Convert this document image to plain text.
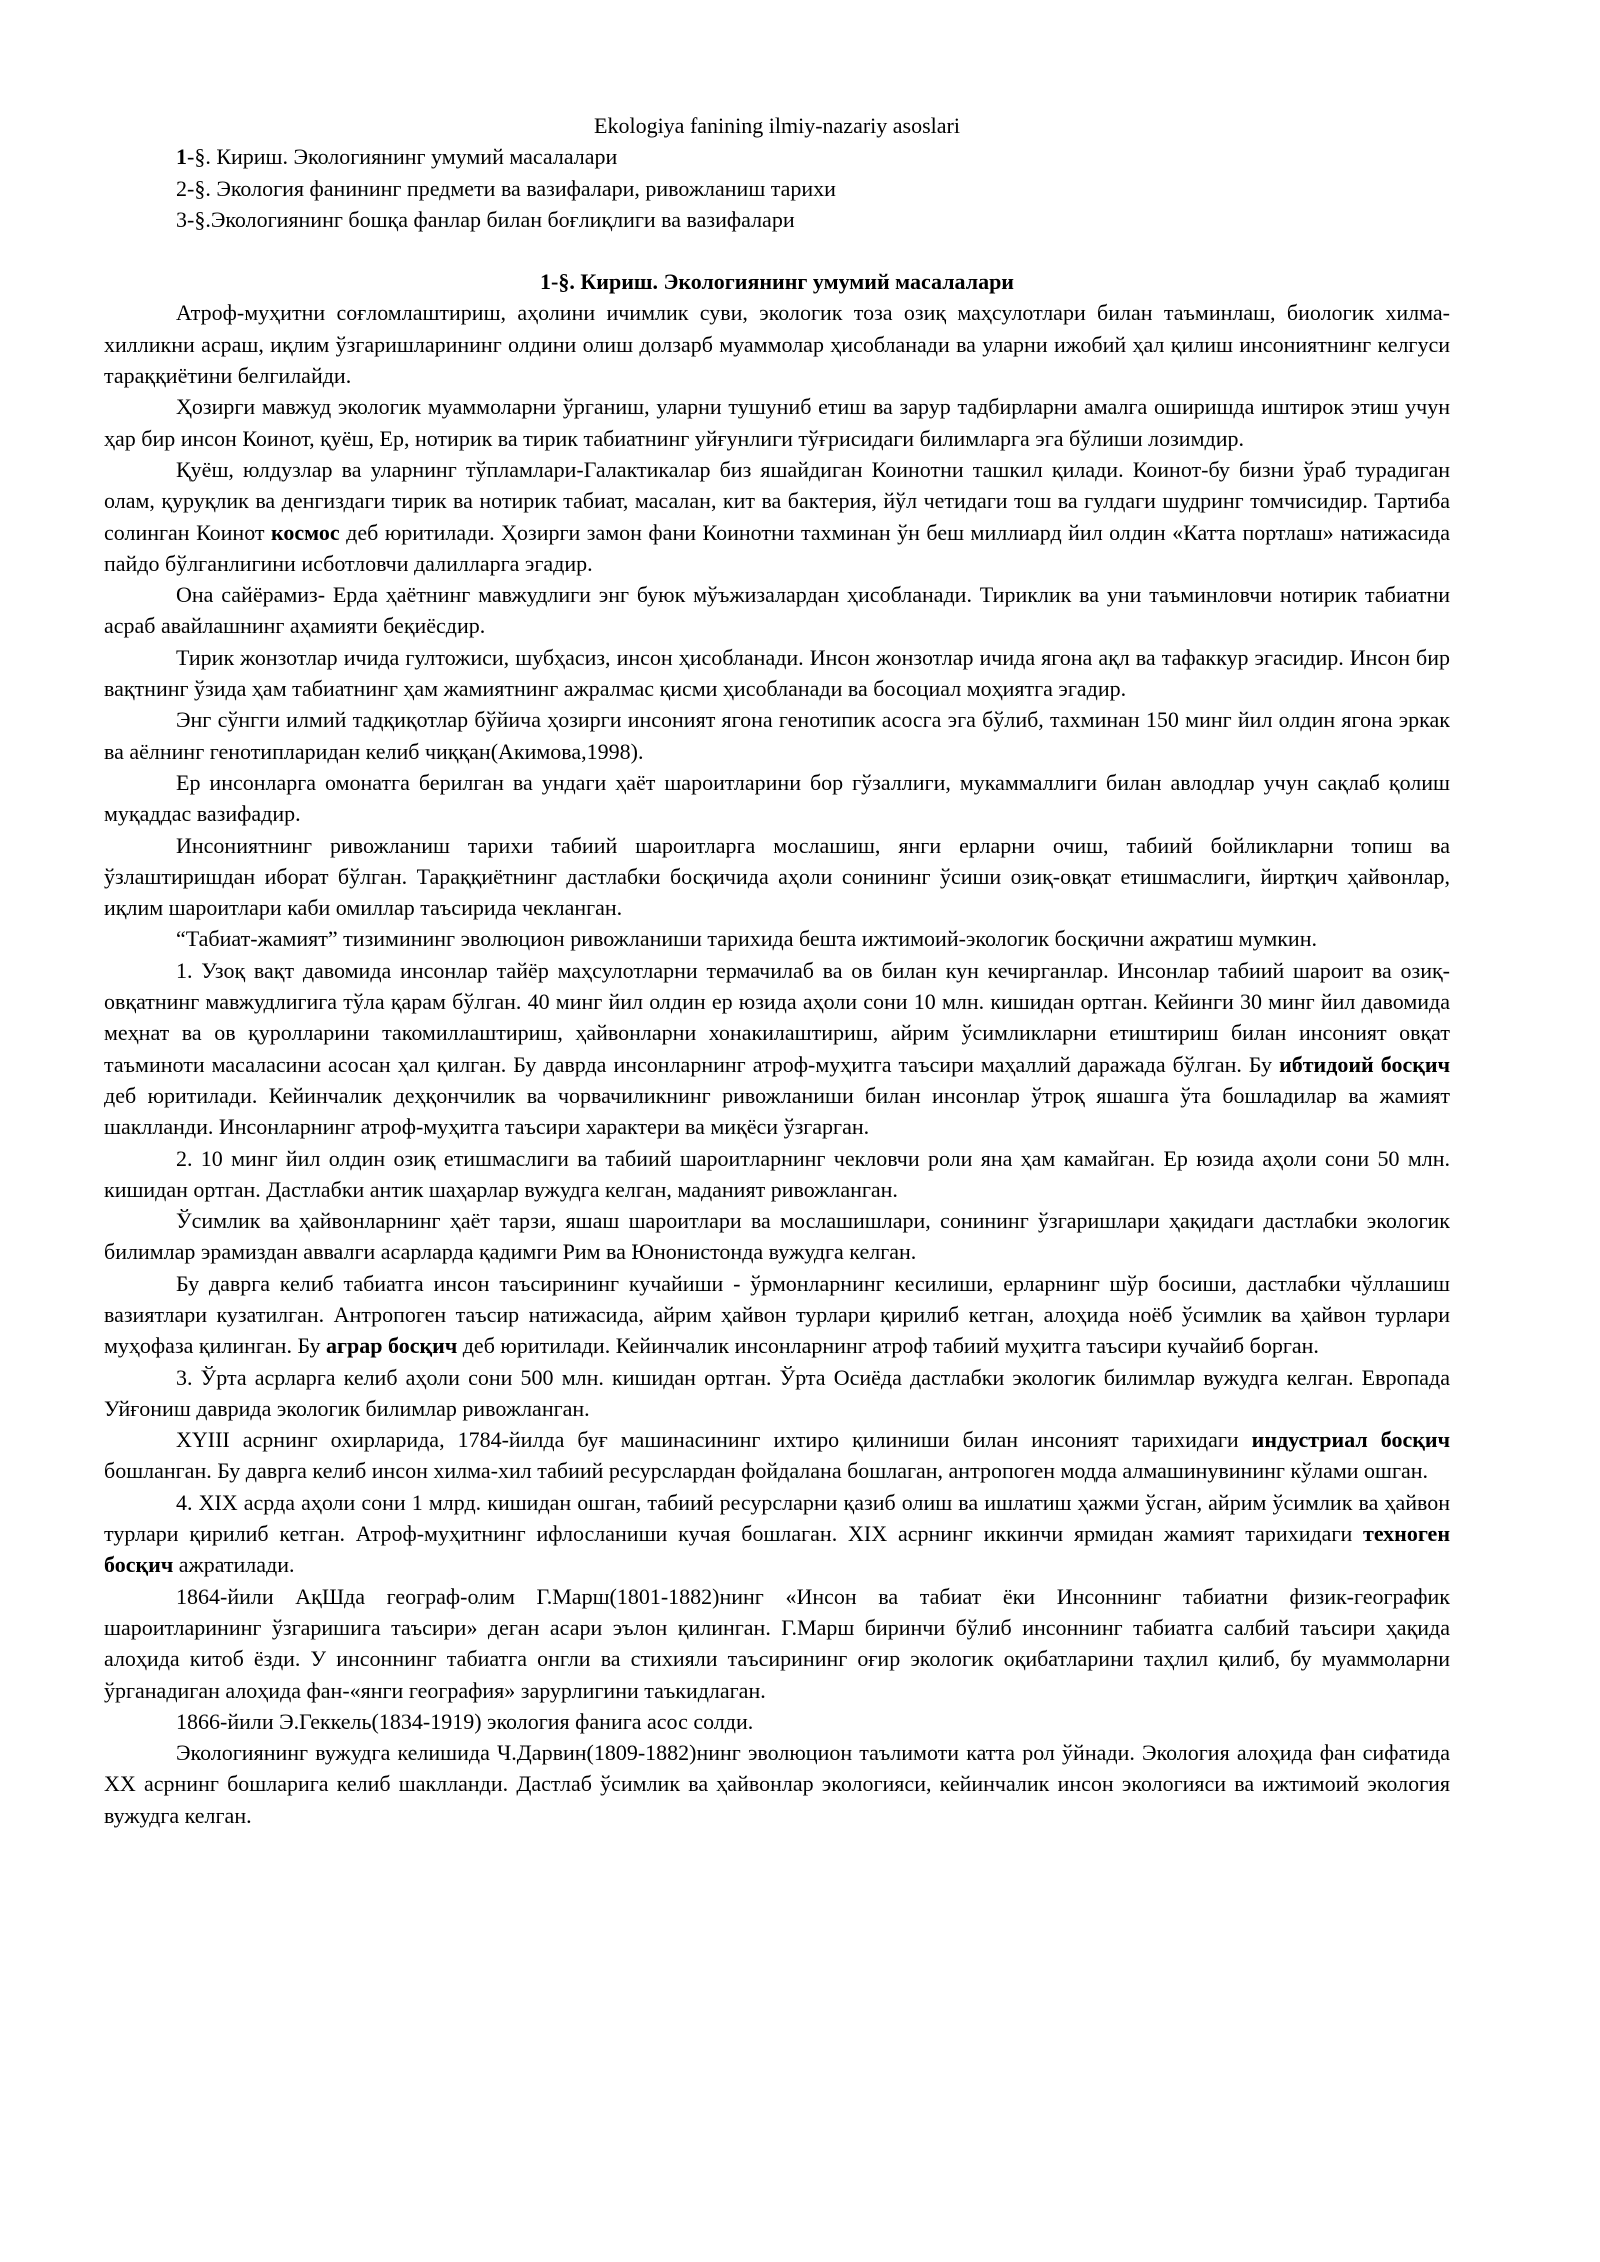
Ekologiya fanining ilmiy-nazariy asoslari

1-§. Кириш. Экологиянинг умумий масалалари
2-§. Экология фанининг предмети ва вазифалари, ривожланиш тарихи
3-§.Экологиянинг бошқа фанлар билан боғлиқлиги ва вазифалари

1-§. Кириш. Экологиянинг умумий масалалари

Атроф-муҳитни соғломлаштириш, аҳолини ичимлик суви, экологик тоза озиқ маҳсулотлари билан таъминлаш, биологик хилма-хилликни асраш, иқлим ўзгаришларининг олдини олиш долзарб муаммолар ҳисобланади ва уларни ижобий ҳал қилиш инсониятнинг келгуси тараққиётини белгилайди.

Ҳозирги мавжуд экологик муаммоларни ўрганиш, уларни тушуниб етиш ва зарур тадбирларни амалга оширишда иштирок этиш учун ҳар бир инсон Коинот, қуёш, Ер, нотирик ва тирик табиатнинг уйғунлиги тўғрисидаги билимларга эга бўлиши лозимдир.

Қуёш, юлдузлар ва уларнинг тўпламлари-Галактикалар биз яшайдиган Коинотни ташкил қилади. Коинот-бу бизни ўраб турадиган олам, қуруқлик ва денгиздаги тирик ва нотирик табиат, масалан, кит ва бактерия, йўл четидаги тош ва гулдаги шудринг томчисидир. Тартиба солинган Коинот космос деб юритилади. Ҳозирги замон фани Коинотни тахминан ўн беш миллиард йил олдин «Катта портлаш» натижасида пайдо бўлганлигини исботловчи далилларга эгадир.

Она сайёрамиз- Ерда ҳаётнинг мавжудлиги энг буюк мўъжизалардан ҳисобланади. Тириклик ва уни таъминловчи нотирик табиатни асраб авайлашнинг аҳамияти беқиёсдир.

Тирик жонзотлар ичида гултожиси, шубҳасиз, инсон ҳисобланади. Инсон жонзотлар ичида ягона ақл ва тафаккур эгасидир. Инсон бир вақтнинг ўзида ҳам табиатнинг ҳам жамиятнинг ажралмас қисми ҳисобланади ва босоциал моҳиятга эгадир.

Энг сўнгги илмий тадқиқотлар бўйича ҳозирги инсоният ягона генотипик асосга эга бўлиб, тахминан 150 минг йил олдин ягона эркак ва аёлнинг генотипларидан келиб чиққан(Акимова,1998).

Ер инсонларга омонатга берилган ва ундаги ҳаёт шароитларини бор гўзаллиги, мукаммаллиги билан авлодлар учун сақлаб қолиш муқаддас вазифадир.

Инсониятнинг ривожланиш тарихи табиий шароитларга мослашиш, янги ерларни очиш, табиий бойликларни топиш ва ўзлаштиришдан иборат бўлган. Тараққиётнинг дастлабки босқичида аҳоли сонининг ўсиши озиқ-овқат етишмаслиги, йиртқич ҳайвонлар, иқлим шароитлари каби омиллар таъсирида чекланган.

“Табиат-жамият” тизимининг эволюцион ривожланиши тарихида бешта ижтимоий-экологик босқични ажратиш мумкин.

1. Узоқ вақт давомида инсонлар тайёр маҳсулотларни термачилаб ва ов билан кун кечирганлар. Инсонлар табиий шароит ва озиқ-овқатнинг мавжудлигига тўла қарам бўлган. 40 минг йил олдин ер юзида аҳоли сони 10 млн. кишидан ортган. Кейинги 30 минг йил давомида меҳнат ва ов қуролларини такомиллаштириш, ҳайвонларни хонакилаштириш, айрим ўсимликларни етиштириш билан инсоният овқат таъминоти масаласини асосан ҳал қилган. Бу даврда инсонларнинг атроф-муҳитга таъсири маҳаллий даражада бўлган. Бу ибтидоий босқич деб юритилади. Кейинчалик деҳқончилик ва чорвачиликнинг ривожланиши билан инсонлар ўтроқ яшашга ўта бошладилар ва жамият шаклланди. Инсонларнинг атроф-муҳитга таъсири характери ва миқёси ўзгарган.

2. 10 минг йил олдин озиқ етишмаслиги ва табиий шароитларнинг чекловчи роли яна ҳам камайган. Ер юзида аҳоли сони 50 млн. кишидан ортган. Дастлабки антик шаҳарлар вужудга келган, маданият ривожланган.

Ўсимлик ва ҳайвонларнинг ҳаёт тарзи, яшаш шароитлари ва мослашишлари, сонининг ўзгаришлари ҳақидаги дастлабки экологик билимлар эрамиздан аввалги асарларда қадимги Рим ва Юнонистонда вужудга келган.

Бу даврга келиб табиатга инсон таъсирининг кучайиши - ўрмонларнинг кесилиши, ерларнинг шўр босиши, дастлабки чўллашиш вазиятлари кузатилган. Антропоген таъсир натижасида, айрим ҳайвон турлари қирилиб кетган, алоҳида ноёб ўсимлик ва ҳайвон турлари муҳофаза қилинган. Бу аграр босқич деб юритилади. Кейинчалик инсонларнинг атроф табиий муҳитга таъсири кучайиб борган.

3. Ўрта асрларга келиб аҳоли сони 500 млн. кишидан ортган. Ўрта Осиёда дастлабки экологик билимлар вужудга келган. Европада Уйғониш даврида экологик билимлар ривожланган.

XYIII асрнинг охирларида, 1784-йилда буғ машинасининг ихтиро қилиниши билан инсоният тарихидаги индустриал босқич бошланган. Бу даврга келиб инсон хилма-хил табиий ресурслардан фойдалана бошлаган, антропоген модда алмашинувининг кўлами ошган.

4. XIX асрда аҳоли сони 1 млрд. кишидан ошган, табиий ресурсларни қазиб олиш ва ишлатиш ҳажми ўсган, айрим ўсимлик ва ҳайвон турлари қирилиб кетган. Атроф-муҳитнинг ифлосланиши кучая бошлаган. XIX асрнинг иккинчи ярмидан жамият тарихидаги техноген босқич ажратилади.

1864-йили АқШда географ-олим Г.Марш(1801-1882)нинг «Инсон ва табиат ёки Инсоннинг табиатни физик-географик шароитларининг ўзгаришига таъсири» деган асари эълон қилинган. Г.Марш биринчи бўлиб инсоннинг табиатга салбий таъсири ҳақида алоҳида китоб ёзди. У инсоннинг табиатга онгли ва стихияли таъсирининг оғир экологик оқибатларини таҳлил қилиб, бу муаммоларни ўрганадиган алоҳида фан-«янги география» зарурлигини таъкидлаган.

1866-йили Э.Геккель(1834-1919) экология фанига асос солди.

Экологиянинг вужудга келишида Ч.Дарвин(1809-1882)нинг эволюцион таълимоти катта рол ўйнади. Экология алоҳида фан сифатида XX асрнинг бошларига келиб шаклланди. Дастлаб ўсимлик ва ҳайвонлар экологияси, кейинчалик инсон экологияси ва ижтимоий экология вужудга келган.
